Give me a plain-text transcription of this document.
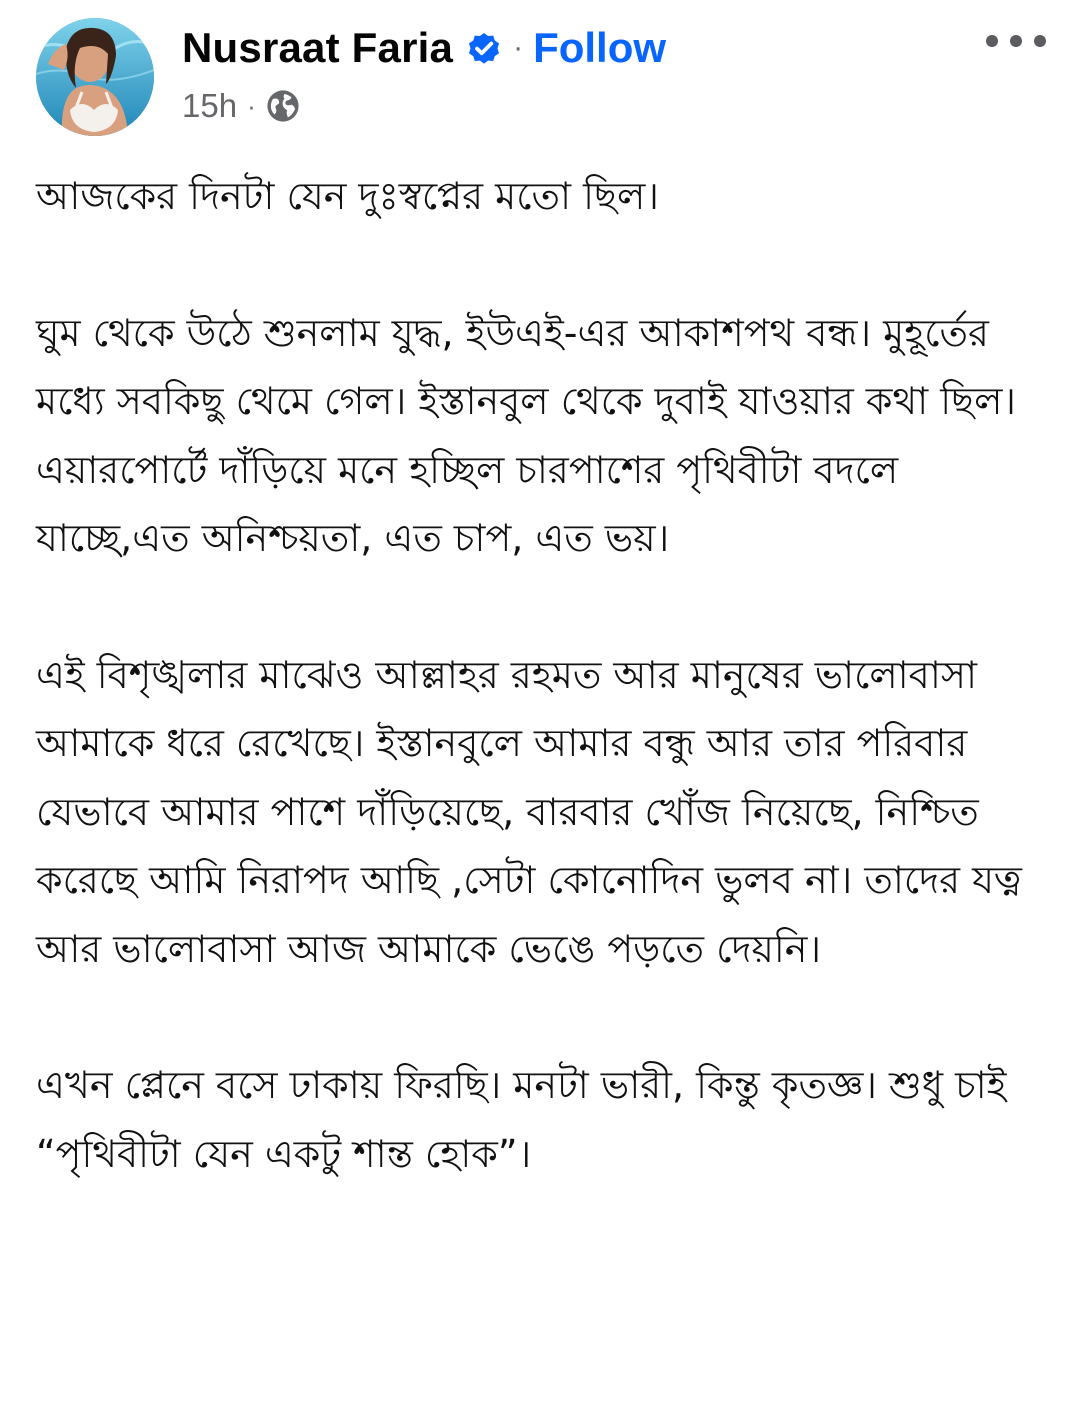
Nusraat Faria · Follow
15h ·

আজকের দিনটা যেন দুঃস্বপ্নের মতো ছিল।

ঘুম থেকে উঠে শুনলাম যুদ্ধ, ইউএই-এর আকাশপথ বন্ধ। মুহূর্তের মধ্যে সবকিছু থেমে গেল। ইস্তানবুল থেকে দুবাই যাওয়ার কথা ছিল। এয়ারপোর্টে দাঁড়িয়ে মনে হচ্ছিল চারপাশের পৃথিবীটা বদলে যাচ্ছে,এত অনিশ্চয়তা, এত চাপ, এত ভয়।

এই বিশৃঙ্খলার মাঝেও আল্লাহর রহমত আর মানুষের ভালোবাসা আমাকে ধরে রেখেছে। ইস্তানবুলে আমার বন্ধু আর তার পরিবার যেভাবে আমার পাশে দাঁড়িয়েছে, বারবার খোঁজ নিয়েছে, নিশ্চিত করেছে আমি নিরাপদ আছি ,সেটা কোনোদিন ভুলব না। তাদের যত্ন আর ভালোবাসা আজ আমাকে ভেঙে পড়তে দেয়নি।

এখন প্লেনে বসে ঢাকায় ফিরছি। মনটা ভারী, কিন্তু কৃতজ্ঞ। শুধু চাই “পৃথিবীটা যেন একটু শান্ত হোক”।
